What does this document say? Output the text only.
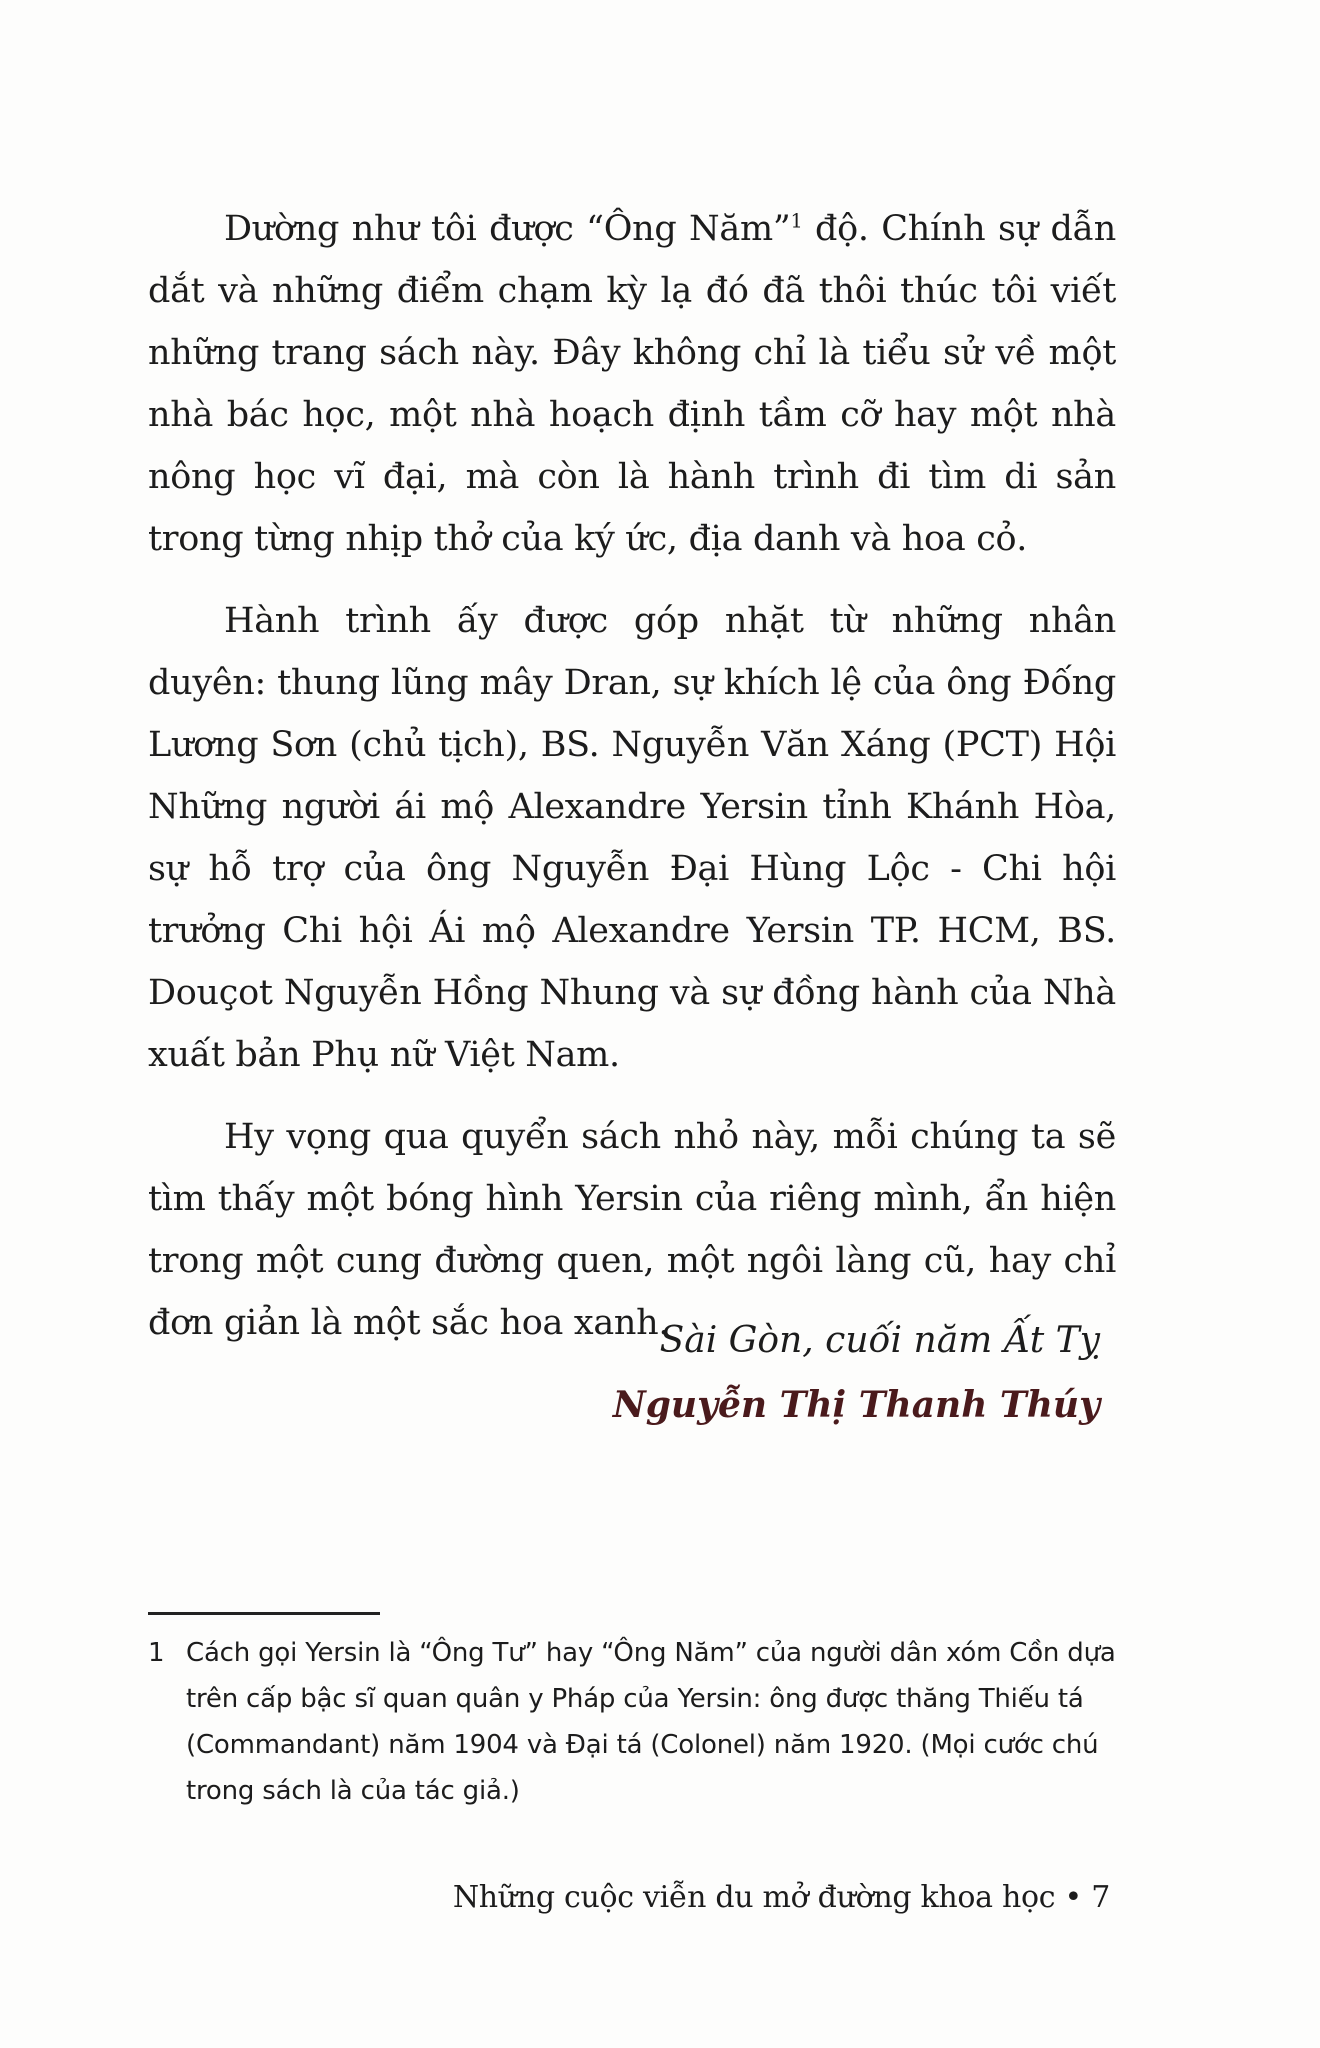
Dường như tôi được “Ông Năm”$^1$ độ. Chính sự dẫn dắt và những điểm chạm kỳ lạ đó đã thôi thúc tôi viết những trang sách này. Đây không chỉ là tiểu sử về một nhà bác học, một nhà hoạch định tầm cỡ hay một nhà nông học vĩ đại, mà còn là hành trình đi tìm di sản trong từng nhịp thở của ký ức, địa danh và hoa cỏ.

Hành trình ấy được góp nhặt từ những nhân duyên: thung lũng mây Dran, sự khích lệ của ông Đống Lương Sơn (chủ tịch), BS. Nguyễn Văn Xáng (PCT) Hội Những người ái mộ Alexandre Yersin tỉnh Khánh Hòa, sự hỗ trợ của ông Nguyễn Đại Hùng Lộc - Chi hội trưởng Chi hội Ái mộ Alexandre Yersin TP. HCM, BS. Douçot Nguyễn Hồng Nhung và sự đồng hành của Nhà xuất bản Phụ nữ Việt Nam.

Hy vọng qua quyển sách nhỏ này, mỗi chúng ta sẽ tìm thấy một bóng hình Yersin của riêng mình, ẩn hiện trong một cung đường quen, một ngôi làng cũ, hay chỉ đơn giản là một sắc hoa xanh.

Sài Gòn, cuối năm Ất Tỵ
Nguyễn Thị Thanh Thúy
1 Cách gọi Yersin là “Ông Tư” hay “Ông Năm” của người dân xóm Cồn dựa trên cấp bậc sĩ quan quân y Pháp của Yersin: ông được thăng Thiếu tá (Commandant) năm 1904 và Đại tá (Colonel) năm 1920. (Mọi cước chú trong sách là của tác giả.)
Những cuộc viễn du mở đường khoa học • 7
